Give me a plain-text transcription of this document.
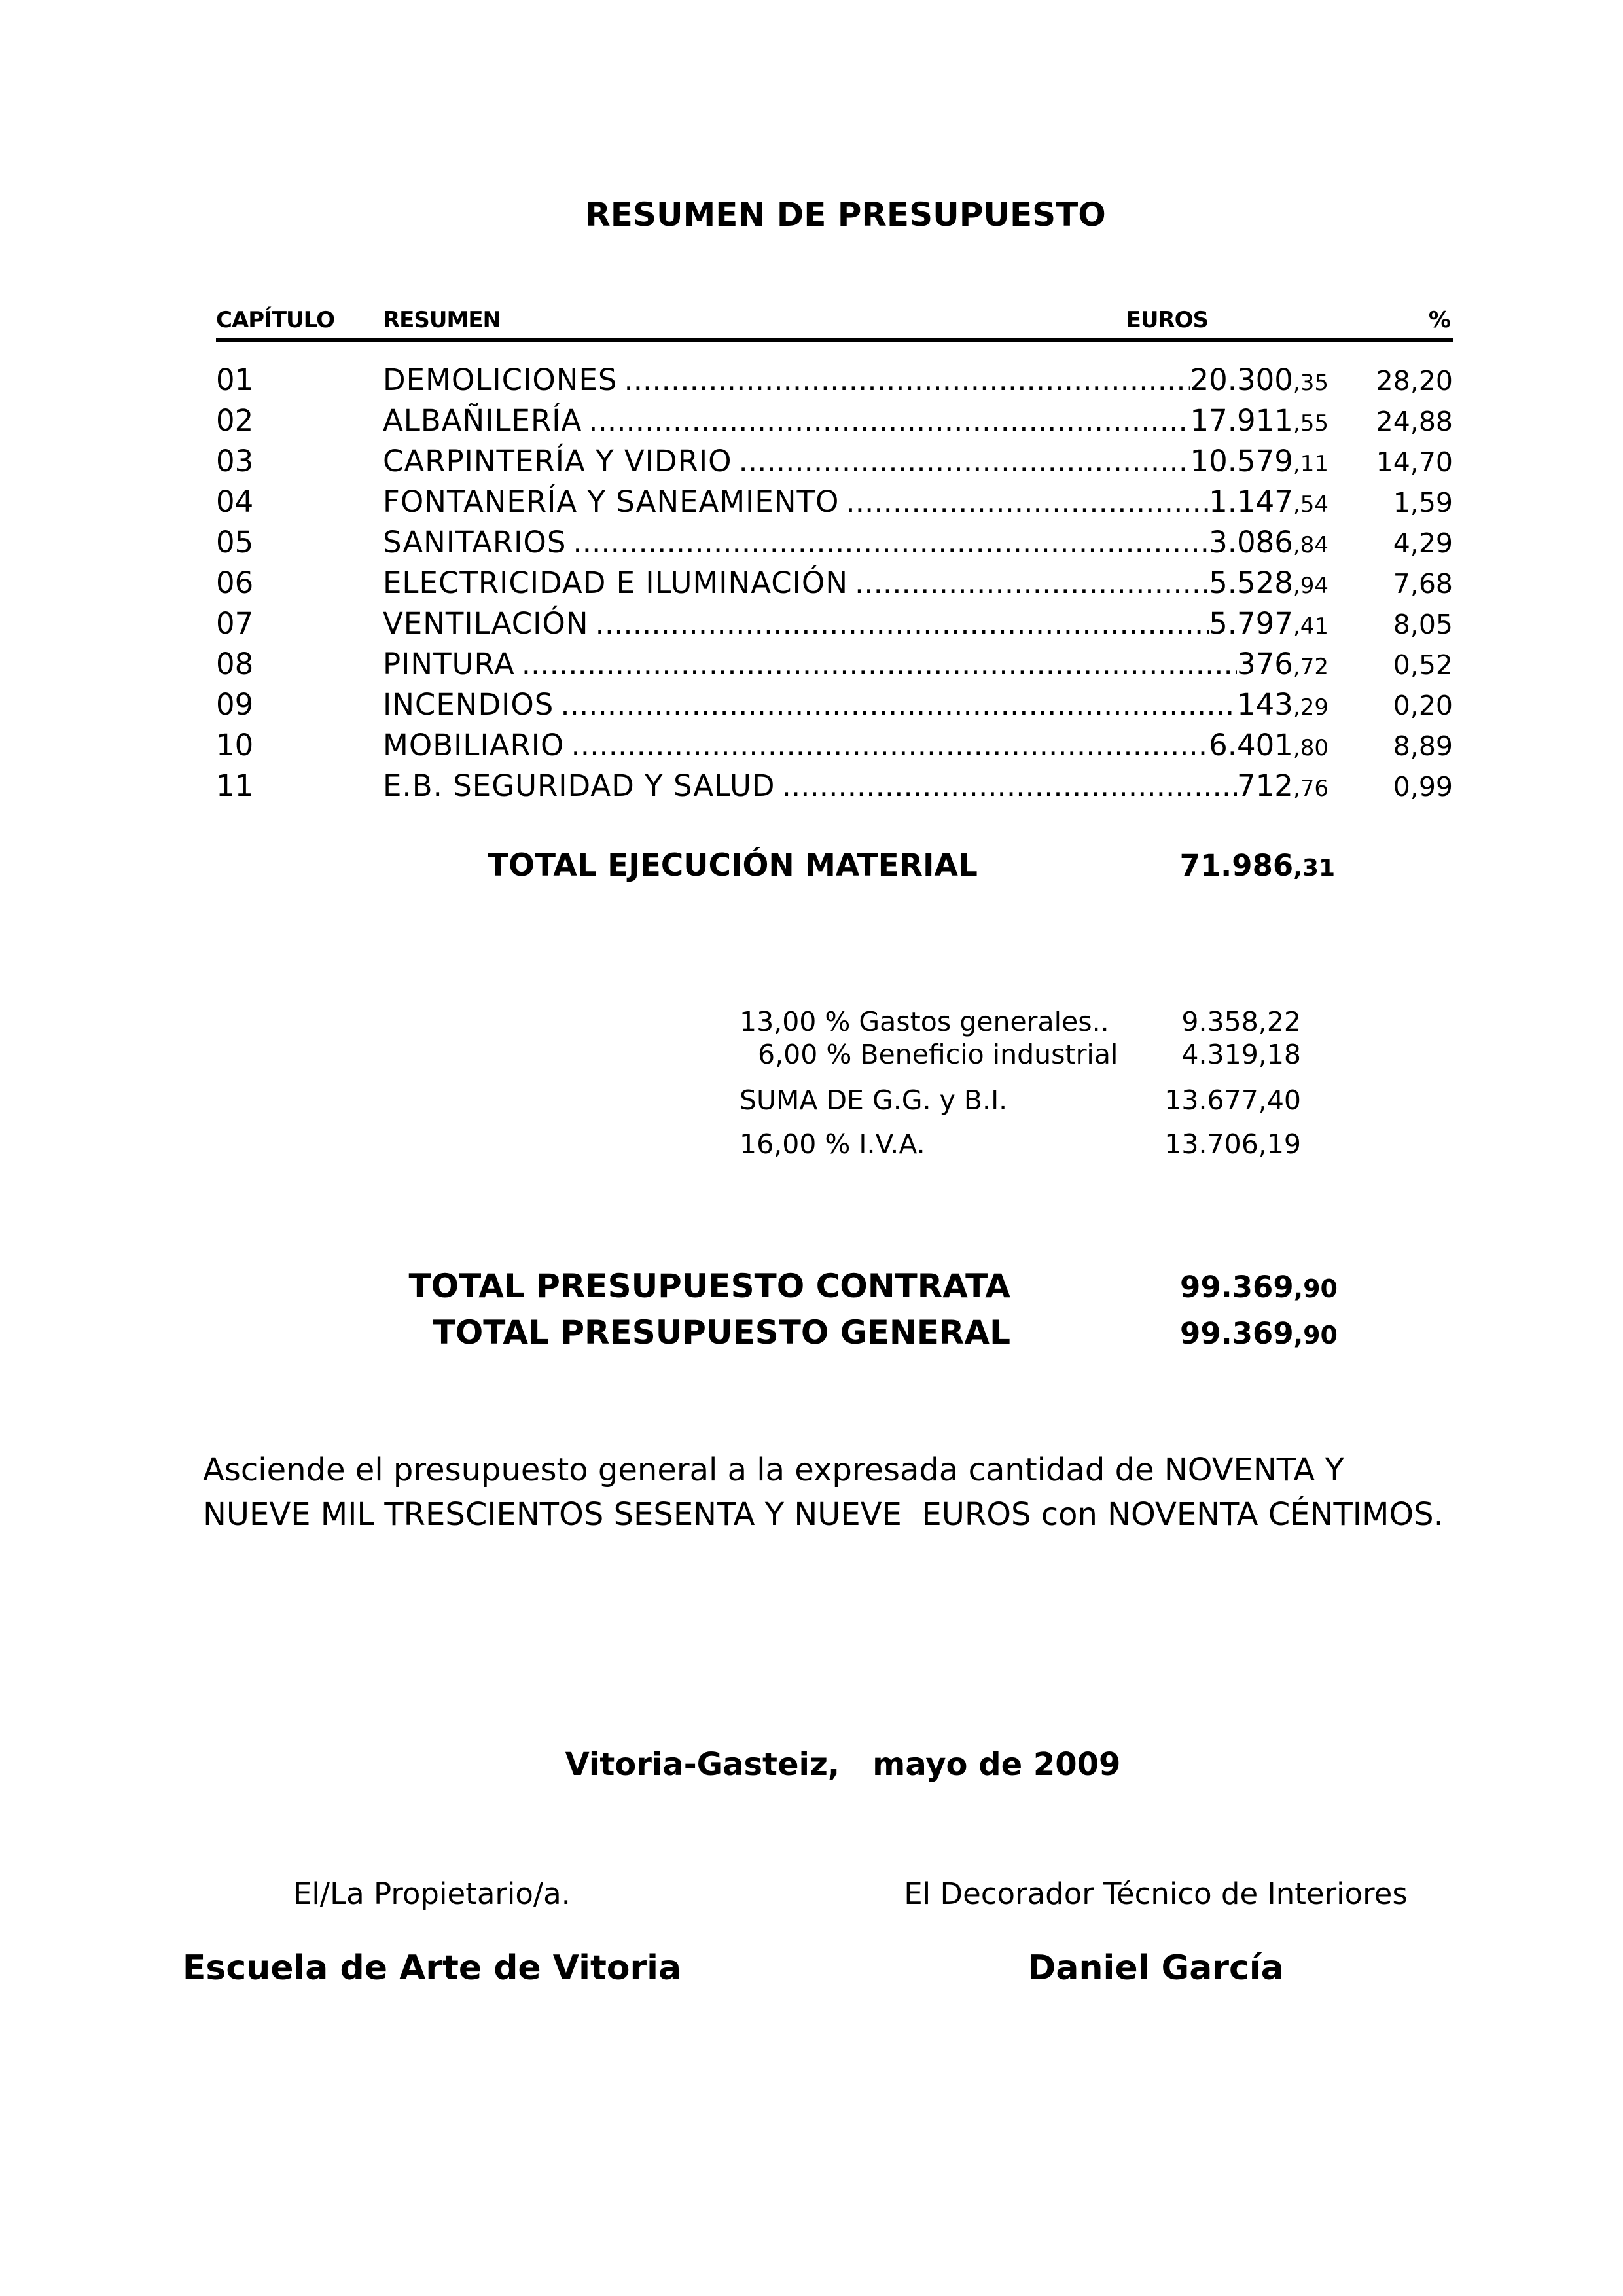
RESUMEN DE PRESUPUESTO
CAPÍTULO	RESUMEN	EUROS	%
01	DEMOLICIONES .....	20.300,35	28,20
02	ALBAÑILERÍA .....	17.911,55	24,88
03	CARPINTERÍA Y VIDRIO .....	10.579,11	14,70
04	FONTANERÍA Y SANEAMIENTO .....	1.147,54	1,59
05	SANITARIOS .....	3.086,84	4,29
06	ELECTRICIDAD E ILUMINACIÓN .....	5.528,94	7,68
07	VENTILACIÓN .....	5.797,41	8,05
08	PINTURA .....	376,72	0,52
09	INCENDIOS .....	143,29	0,20
10	MOBILIARIO .....	6.401,80	8,89
11	E.B. SEGURIDAD Y SALUD .....	712,76	0,99
TOTAL EJECUCIÓN MATERIAL	71.986,31
13,00 % Gastos generales..	9.358,22
6,00 % Beneficio industrial 4.319,18
SUMA DE G.G. y B.I.	13.677,40
16,00 % I.V.A.	13.706,19
TOTAL PRESUPUESTO CONTRATA	99.369,90
TOTAL PRESUPUESTO GENERAL	99.369,90
Asciende el presupuesto general a la expresada cantidad de NOVENTA Y NUEVE MIL TRESCIENTOS SESENTA Y NUEVE  EUROS con NOVENTA CÉNTIMOS.
Vitoria-Gasteiz,   mayo de 2009
El/La Propietario/a.
Escuela de Arte de Vitoria
El Decorador Técnico de Interiores
Daniel García
